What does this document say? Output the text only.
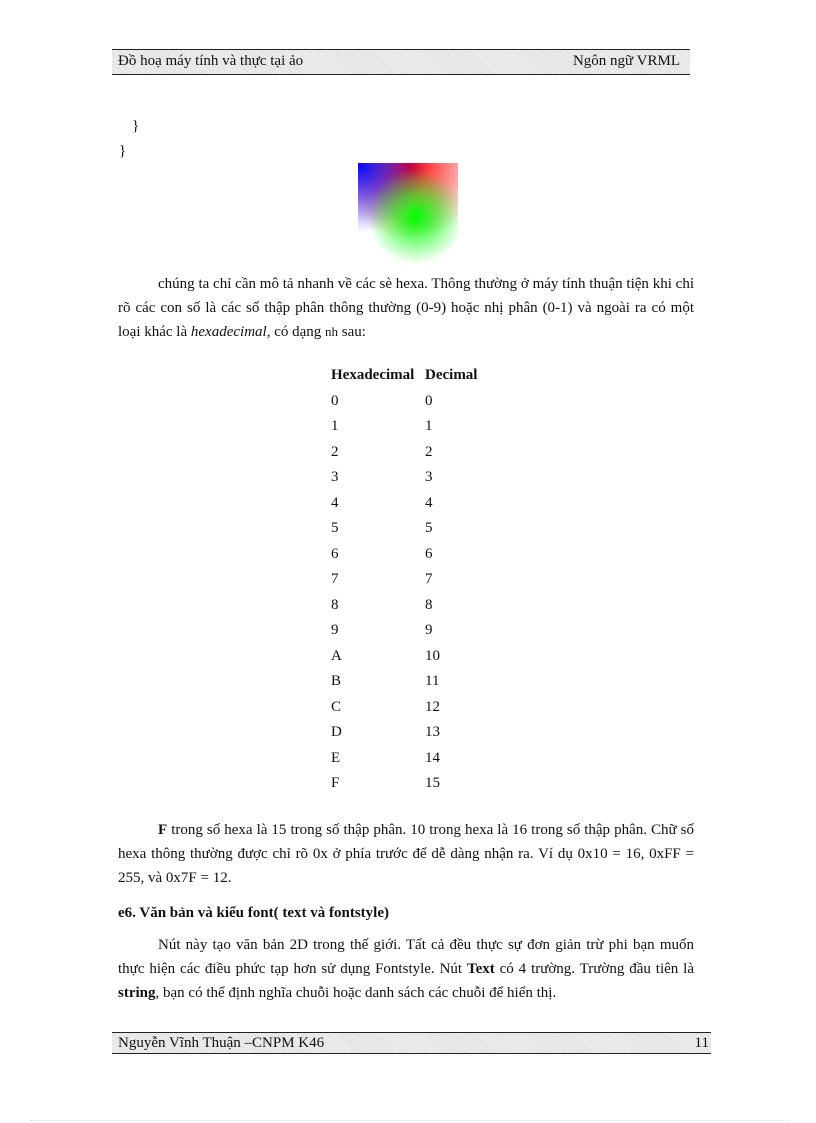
Đồ hoạ máy tính và thực tại ảo	Ngôn ngữ VRML
}
}

chúng ta chỉ cần mô tả nhanh về các sè hexa. Thông thường ở máy tính thuận tiện khi chỉ rõ các con số là các số thập phân thông thường (0-9) hoặc nhị phân (0-1) và ngoài ra có một loại khác là hexadecimal, có dạng nh sau:

Hexadecimal	Decimal
0	0
1	1
2	2
3	3
4	4
5	5
6	6
7	7
8	8
9	9
A	10
B	11
C	12
D	13
E	14
F	15

F trong số hexa là 15 trong số thập phân. 10 trong hexa là 16 trong số thập phân. Chữ số hexa thông thường được chỉ rõ 0x ở phía trước để dễ dàng nhận ra. Ví dụ 0x10 = 16, 0xFF = 255, và 0x7F = 12.

e6. Văn bản và kiểu font( text và fontstyle)

Nút này tạo văn bản 2D trong thế giới. Tất cả đều thực sự đơn giản trừ phi bạn muốn thực hiện các điều phức tạp hơn sử dụng Fontstyle. Nút Text có 4 trường. Trường đầu tiên là string, bạn có thể định nghĩa chuỗi hoặc danh sách các chuỗi để hiển thị.

Nguyễn Vĩnh Thuận –CNPM K46	11
